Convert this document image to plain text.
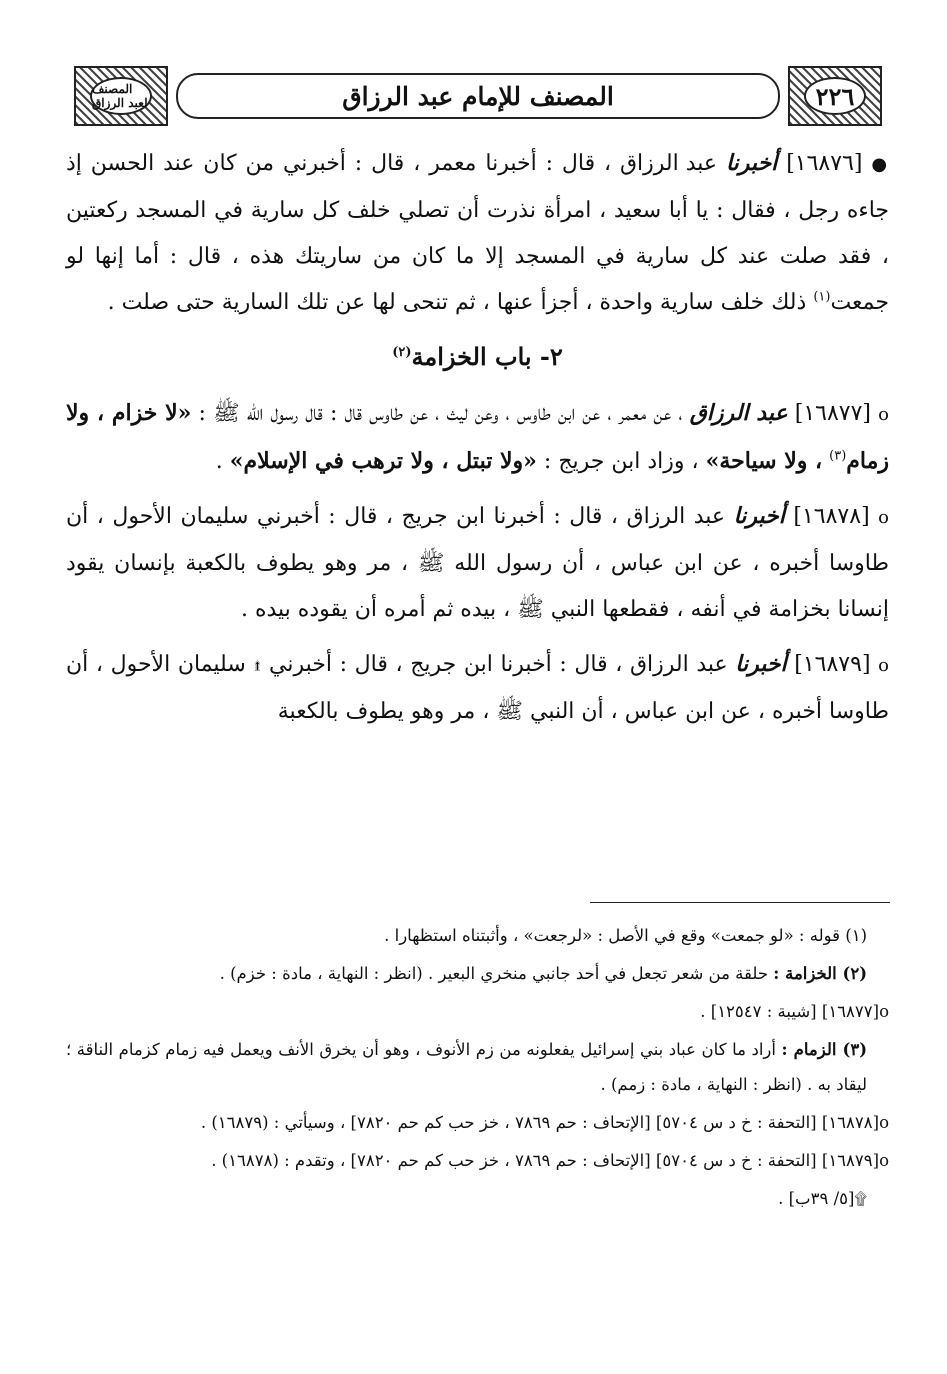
المصنف لعبد الرزاق	المصنف للإمام عبد الرزاق	٢٢٦

● [١٦٨٧٦] أخبرنا عبد الرزاق ، قال : أخبرنا معمر ، قال : أخبرني من كان عند الحسن إذ جاءه رجل ، فقال : يا أبا سعيد ، امرأة نذرت أن تصلي خلف كل سارية في المسجد ركعتين ، فقد صلت عند كل سارية في المسجد إلا ما كان من ساريتك هذه ، قال : أما إنها لو جمعت$^{(١)}$ ذلك خلف سارية واحدة ، أجزأ عنها ، ثم تنحى لها عن تلك السارية حتى صلت .

٢- باب الخزامة$^{(٢)}$

ο [١٦٨٧٧] عبد الرزاق ، عن معمر ، عن ابن طاوس ، وعن ليث ، عن طاوس قال : قال رسول الله ﷺ : «لا خزام ، ولا زمام$^{(٣)}$ ، ولا سياحة» ، وزاد ابن جريج : «ولا تبتل ، ولا ترهب في الإسلام» .

ο [١٦٨٧٨] أخبرنا عبد الرزاق ، قال : أخبرنا ابن جريج ، قال : أخبرني سليمان الأحول ، أن طاوسا أخبره ، عن ابن عباس ، أن رسول الله ﷺ ، مر وهو يطوف بالكعبة بإنسان يقود إنسانا بخزامة في أنفه ، فقطعها النبي ﷺ ، بيده ثم أمره أن يقوده بيده .

ο [١٦٨٧٩] أخبرنا عبد الرزاق ، قال : أخبرنا ابن جريج ، قال : أخبرني ۩ سليمان الأحول ، أن طاوسا أخبره ، عن ابن عباس ، أن النبي ﷺ ، مر وهو يطوف بالكعبة

(١) قوله : «لو جمعت» وقع في الأصل : «لرجعت» ، وأثبتناه استظهارا .

(٢) الخزامة : حلقة من شعر تجعل في أحد جانبي منخري البعير . (انظر : النهاية ، مادة : خزم) .

ο[١٦٨٧٧] [شيبة : ١٢٥٤٧] .

(٣) الزمام : أراد ما كان عباد بني إسرائيل يفعلونه من زم الأنوف ، وهو أن يخرق الأنف ويعمل فيه زمام كزمام الناقة ؛ ليقاد به . (انظر : النهاية ، مادة : زمم) .

ο[١٦٨٧٨] [التحفة : خ د س ٥٧٠٤] [الإتحاف : حم ٧٨٦٩ ، خز حب كم حم ٧٨٢٠] ، وسيأتي : (١٦٨٧٩) .

ο[١٦٨٧٩] [التحفة : خ د س ٥٧٠٤] [الإتحاف : حم ٧٨٦٩ ، خز حب كم حم ٧٨٢٠] ، وتقدم : (١٦٨٧٨) .

۩[٥/ ٣٩ب] .
